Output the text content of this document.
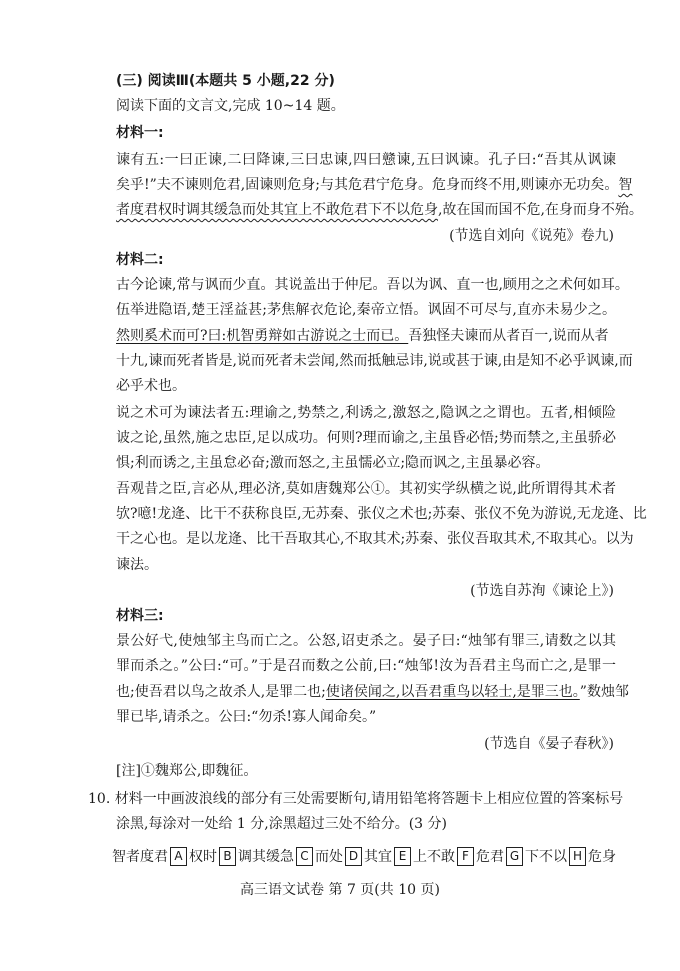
(三) 阅读Ⅲ(本题共 5 小题,22 分)
阅读下面的文言文,完成 10~14 题。
材料一:
谏有五:一曰正谏,二曰降谏,三曰忠谏,四曰戆谏,五曰讽谏。孔子曰:“吾其从讽谏
矣乎!”夫不谏则危君,固谏则危身;与其危君宁危身。危身而终不用,则谏亦无功矣。智
者度君权时调其缓急而处其宜上不敢危君下不以危身,故在国而国不危,在身而身不殆。
(节选自刘向《说苑》卷九)
材料二:
古今论谏,常与讽而少直。其说盖出于仲尼。吾以为讽、直一也,顾用之之术何如耳。
伍举进隐语,楚王淫益甚;茅焦解衣危论,秦帝立悟。讽固不可尽与,直亦未易少之。
然则奚术而可?曰:机智勇辩如古游说之士而已。吾独怪夫谏而从者百一,说而从者
十九,谏而死者皆是,说而死者未尝闻,然而抵触忌讳,说或甚于谏,由是知不必乎讽谏,而
必乎术也。
说之术可为谏法者五:理谕之,势禁之,利诱之,激怒之,隐讽之之谓也。五者,相倾险
诐之论,虽然,施之忠臣,足以成功。何则?理而谕之,主虽昏必悟;势而禁之,主虽骄必
惧;利而诱之,主虽怠必奋;激而怒之,主虽懦必立;隐而讽之,主虽暴必容。
吾观昔之臣,言必从,理必济,莫如唐魏郑公①。其初实学纵横之说,此所谓得其术者
欤?噫!龙逄、比干不获称良臣,无苏秦、张仪之术也;苏秦、张仪不免为游说,无龙逄、比
干之心也。是以龙逄、比干吾取其心,不取其术;苏秦、张仪吾取其术,不取其心。以为
谏法。
(节选自苏洵《谏论上》)
材料三:
景公好弋,使烛邹主鸟而亡之。公怒,诏吏杀之。晏子曰:“烛邹有罪三,请数之以其
罪而杀之。”公曰:“可。”于是召而数之公前,曰:“烛邹!汝为吾君主鸟而亡之,是罪一
也;使吾君以鸟之故杀人,是罪二也;使诸侯闻之,以吾君重鸟以轻士,是罪三也。”数烛邹
罪已毕,请杀之。公曰:“勿杀!寡人闻命矣。”
(节选自《晏子春秋》)
[注]①魏郑公,即魏征。
10. 材料一中画波浪线的部分有三处需要断句,请用铅笔将答题卡上相应位置的答案标号
涂黑,每涂对一处给 1 分,涂黑超过三处不给分。(3 分)
智者度君 A 权时 B 调其缓急 C 而处 D 其宜 E 上不敢 F 危君 G 下不以 H 危身
高三语文试卷 第 7 页(共 10 页)
